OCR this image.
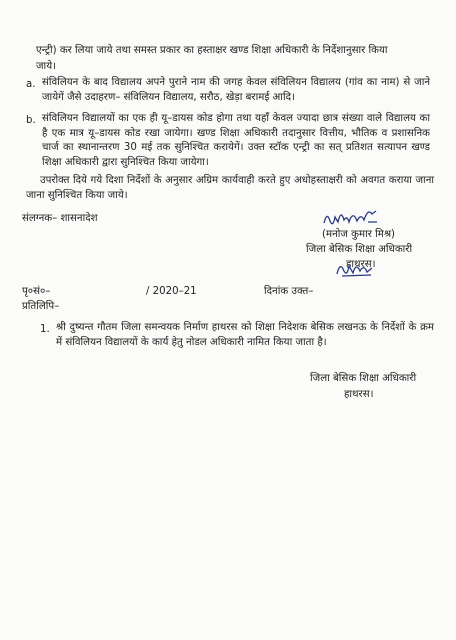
एन्ट्री) कर लिया जाये तथा समस्त प्रकार का हस्ताक्षर खण्ड शिक्षा अधिकारी के निर्देशानुसार किया
जाये।
a. संविलियन के बाद विद्यालय अपने पुराने नाम की जगह केवल संविलियन विद्यालय (गांव का नाम) से जाने जायेगें जैसे उदाहरण– संविलियन विद्यालय, सरौठ, खेड़ा बरामई आदि।
b. संविलियन विद्यालयों का एक ही यू–डायस कोड होगा तथा यहाँ केवल ज्यादा छात्र संख्या वाले विद्यालय का है एक मात्र यू–डायस कोड रखा जायेगा। खण्ड शिक्षा अधिकारी तदानुसार वित्तीय, भौतिक व प्रशासनिक चार्ज का स्थानान्तरण 30 मई तक सुनिश्चित करायेगें। उक्त स्टॉक एन्ट्री का सत् प्रतिशत सत्यापन खण्ड शिक्षा अधिकारी द्वारा सुनिश्चित किया जायेगा।
उपरोक्त दिये गये दिशा निर्देशों के अनुसार अग्रिम कार्यवाही करते हुए अधोहस्ताक्षरी को अवगत कराया जाना जाना सुनिश्चित किया जाये।
संलग्नक– शासनादेश
(मनोज कुमार मिश्र)
जिला बेसिक शिक्षा अधिकारी
हाथरस।
पृ०सं०–	/ 2020–21	दिनांक उक्त–
प्रतिलिपि–
1. श्री दुष्यन्त गौतम जिला समन्वयक निर्माण हाथरस को शिक्षा निदेशक बेसिक लखनऊ के निर्देशों के क्रम में संविलियन विद्यालयों के कार्य हेतु नोडल अधिकारी नामित किया जाता है।
जिला बेसिक शिक्षा अधिकारी
हाथरस।
